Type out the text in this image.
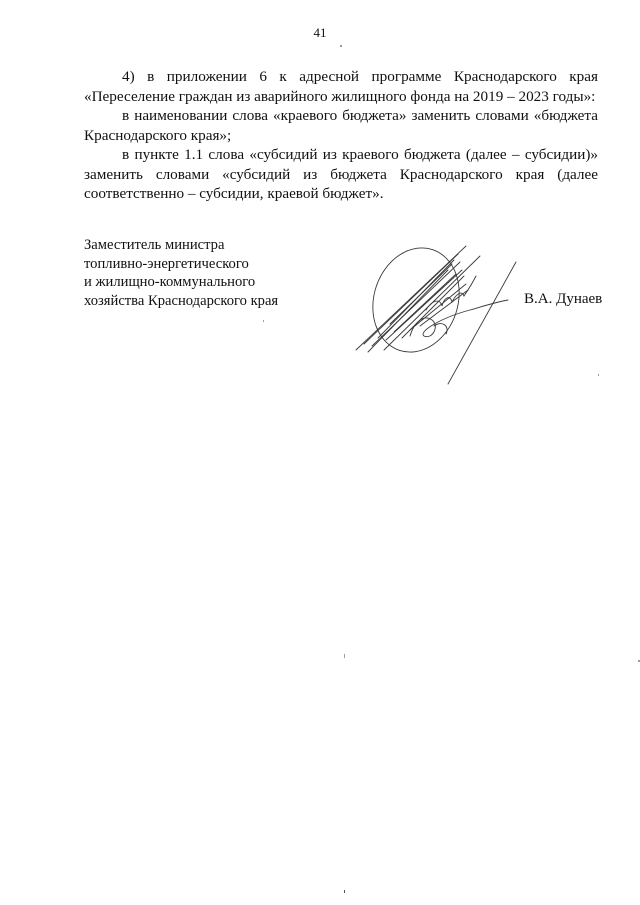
41

4) в приложении 6 к адресной программе Краснодарского края «Переселение граждан из аварийного жилищного фонда на 2019 – 2023 годы»:

в наименовании слова «краевого бюджета» заменить словами «бюджета Краснодарского края»;

в пункте 1.1 слова «субсидий из краевого бюджета (далее – субсидии)» заменить словами «субсидий из бюджета Краснодарского края (далее соответственно – субсидии, краевой бюджет».

Заместитель министра
топливно-энергетического
и жилищно-коммунального
хозяйства Краснодарского края	В.А. Дунаев
